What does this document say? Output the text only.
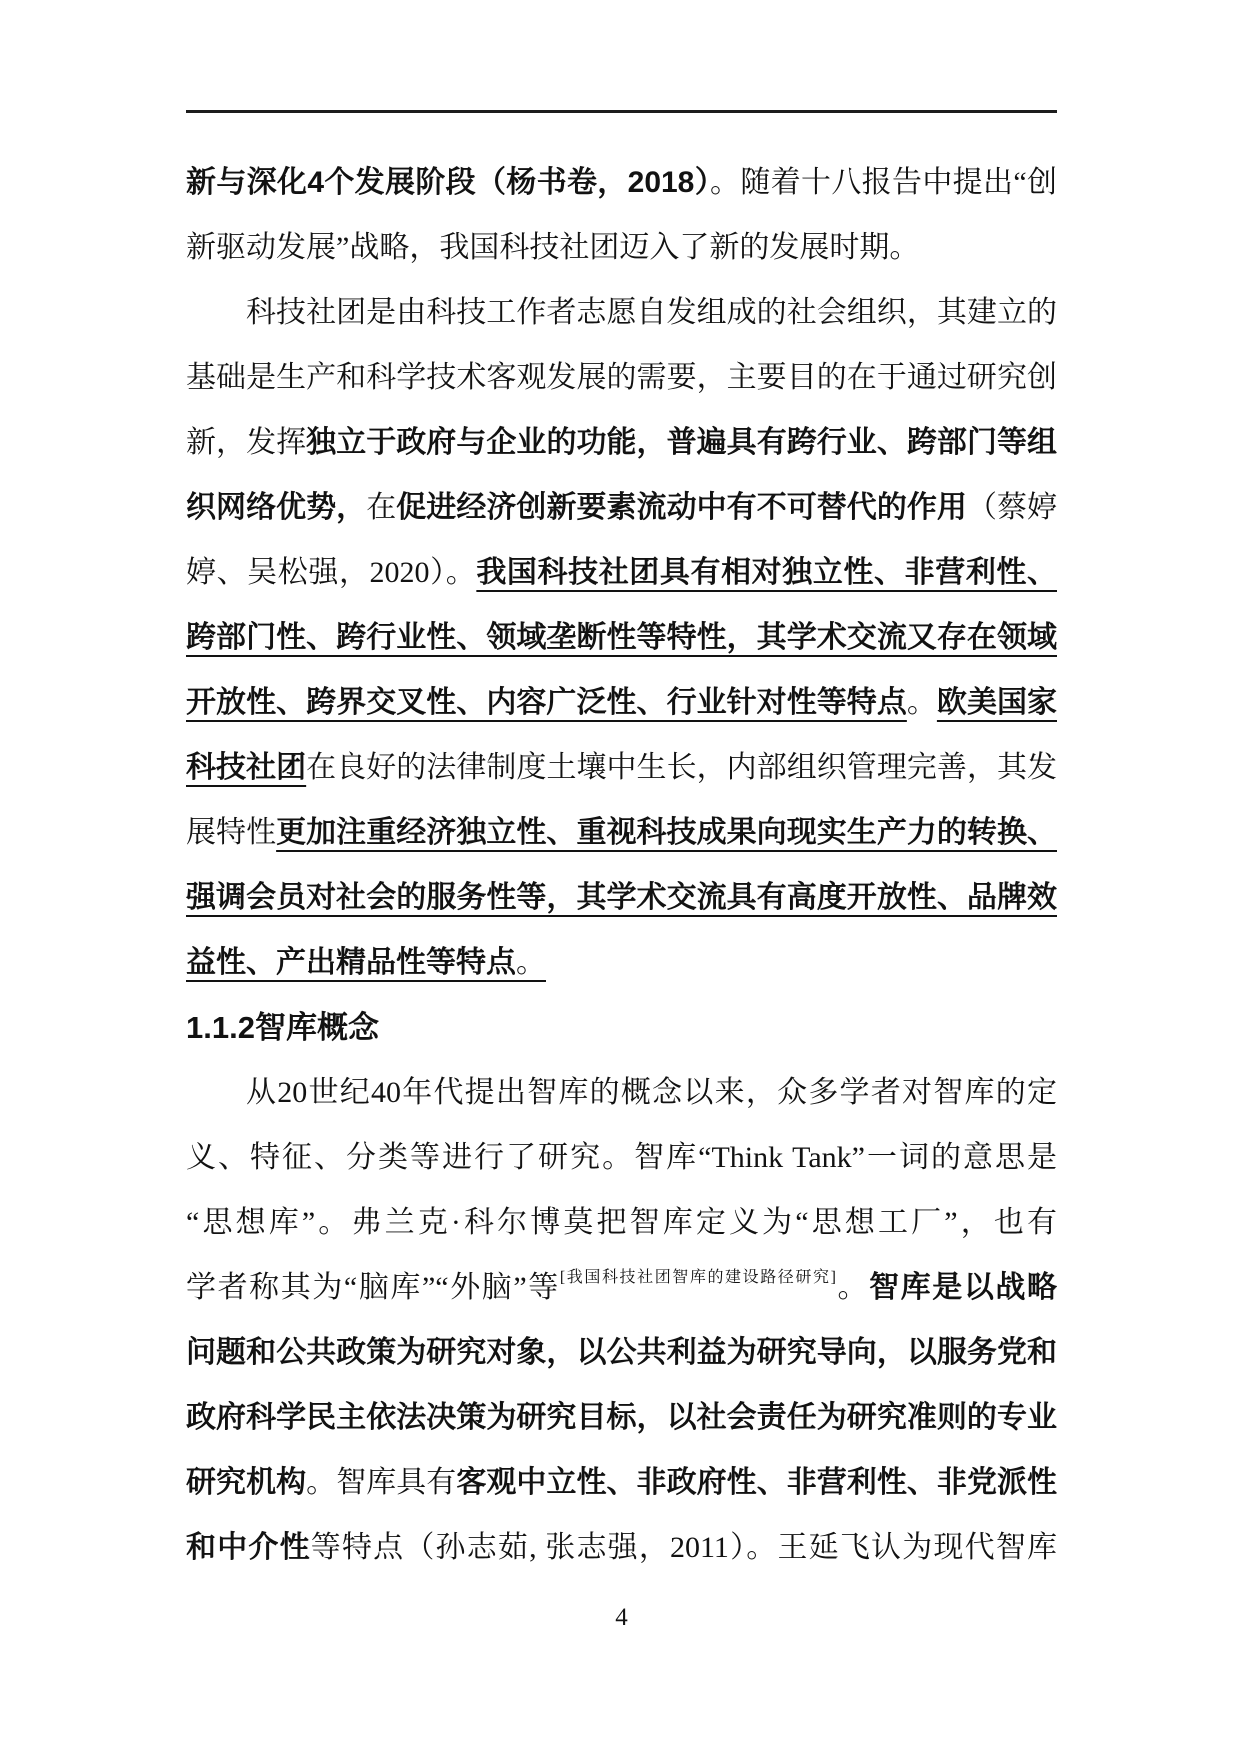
新与深化4个发展阶段（杨书卷，2018）。随着十八报告中提出“创
新驱动发展”战略，我国科技社团迈入了新的发展时期。
科技社团是由科技工作者志愿自发组成的社会组织，其建立的
基础是生产和科学技术客观发展的需要，主要目的在于通过研究创
新，发挥独立于政府与企业的功能，普遍具有跨行业、跨部门等组
织网络优势，在促进经济创新要素流动中有不可替代的作用（蔡婷
婷、吴松强，2020）。我国科技社团具有相对独立性、非营利性、
跨部门性、跨行业性、领域垄断性等特性，其学术交流又存在领域
开放性、跨界交叉性、内容广泛性、行业针对性等特点。欧美国家
科技社团在良好的法律制度土壤中生长，内部组织管理完善，其发
展特性更加注重经济独立性、重视科技成果向现实生产力的转换、
强调会员对社会的服务性等，其学术交流具有高度开放性、品牌效
益性、产出精品性等特点。
1.1.2智库概念
从20世纪40年代提出智库的概念以来，众多学者对智库的定
义、特征、分类等进行了研究。智库“Think Tank”一词的意思是
“思想库”。弗兰克·科尔博莫把智库定义为“思想工厂”，也有
学者称其为“脑库”“外脑”等[我国科技社团智库的建设路径研究]。智库是以战略
问题和公共政策为研究对象，以公共利益为研究导向，以服务党和
政府科学民主依法决策为研究目标，以社会责任为研究准则的专业
研究机构。智库具有客观中立性、非政府性、非营利性、非党派性
和中介性等特点（孙志茹, 张志强，2011）。王延飞认为现代智库
4
